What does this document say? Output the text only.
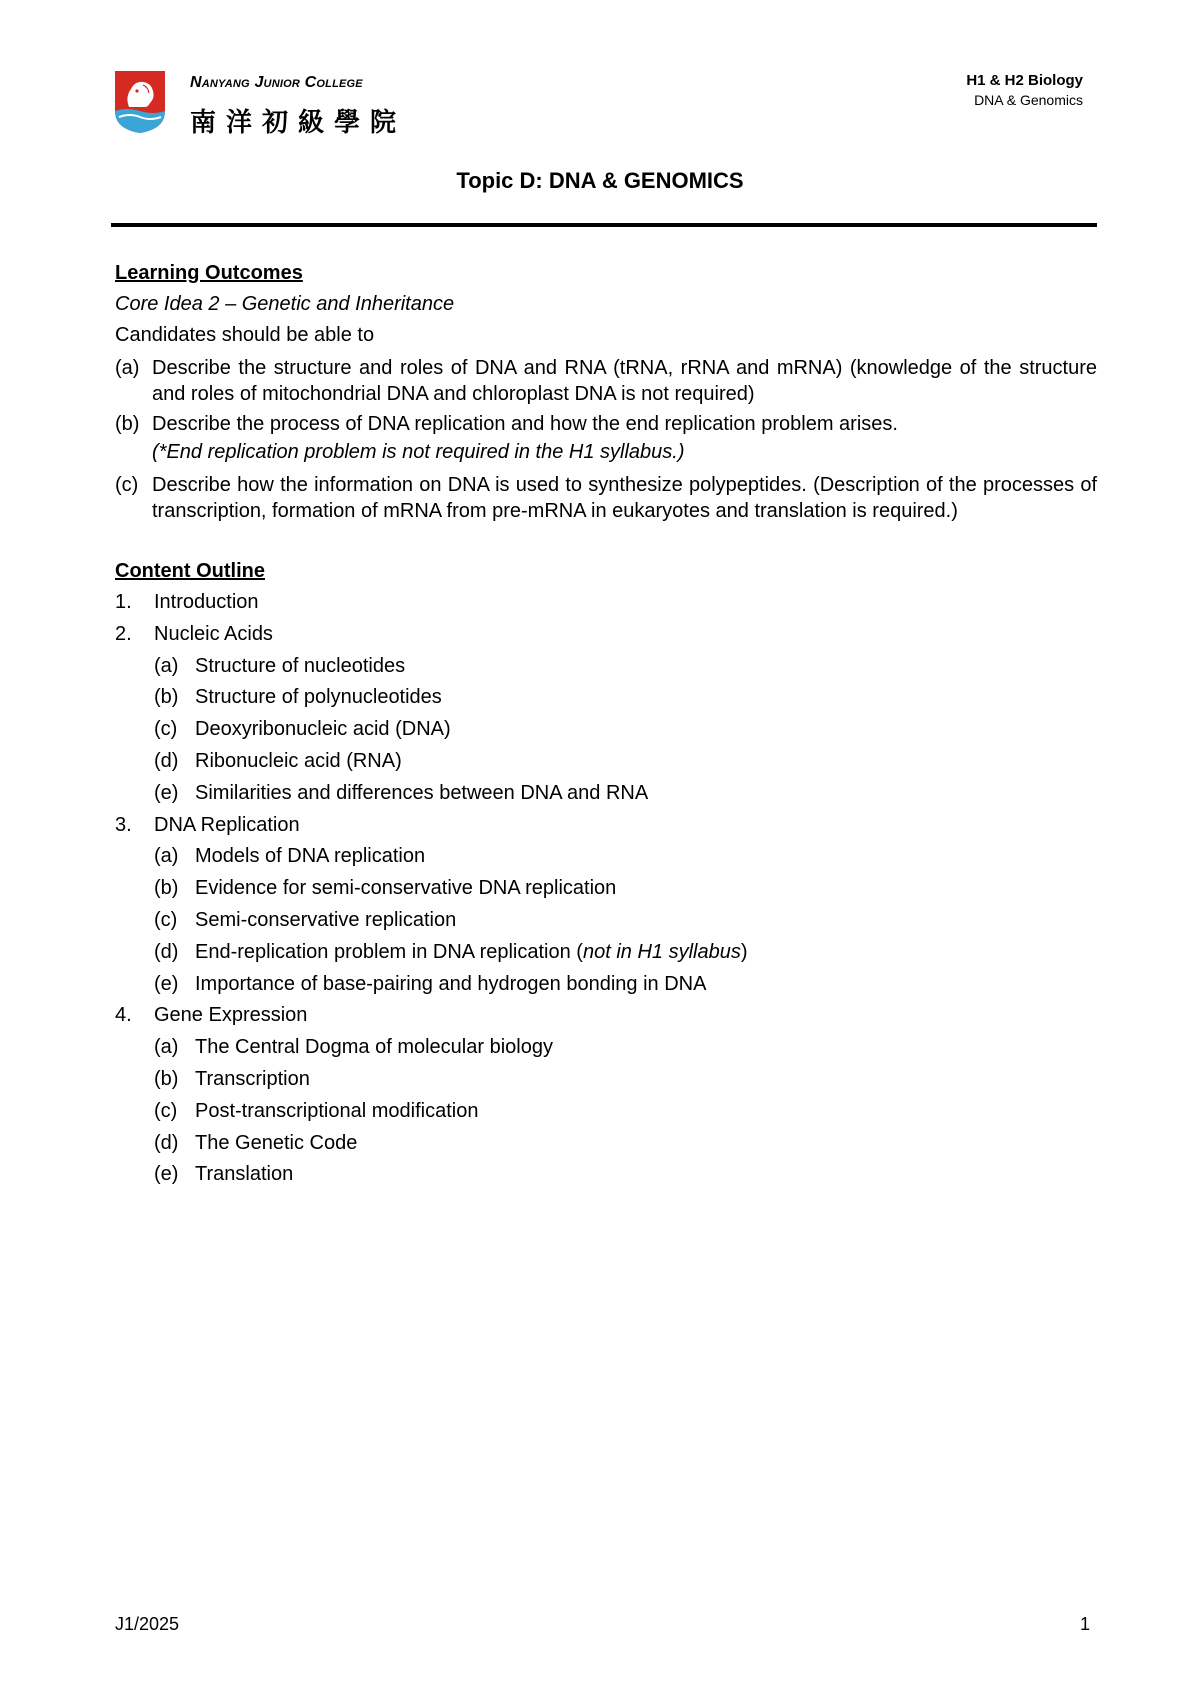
Nanyang Junior College
南洋初級學院
H1 & H2 Biology
DNA & Genomics
Topic D: DNA & GENOMICS
Learning Outcomes
Core Idea 2 – Genetic and Inheritance
Candidates should be able to
(a) Describe the structure and roles of DNA and RNA (tRNA, rRNA and mRNA) (knowledge of the structure and roles of mitochondrial DNA and chloroplast DNA is not required)
(b) Describe the process of DNA replication and how the end replication problem arises.
(*End replication problem is not required in the H1 syllabus.)
(c) Describe how the information on DNA is used to synthesize polypeptides. (Description of the processes of transcription, formation of mRNA from pre-mRNA in eukaryotes and translation is required.)
Content Outline
1. Introduction
2. Nucleic Acids
(a) Structure of nucleotides
(b) Structure of polynucleotides
(c) Deoxyribonucleic acid (DNA)
(d) Ribonucleic acid (RNA)
(e) Similarities and differences between DNA and RNA
3. DNA Replication
(a) Models of DNA replication
(b) Evidence for semi-conservative DNA replication
(c) Semi-conservative replication
(d) End-replication problem in DNA replication (not in H1 syllabus)
(e) Importance of base-pairing and hydrogen bonding in DNA
4. Gene Expression
(a) The Central Dogma of molecular biology
(b) Transcription
(c) Post-transcriptional modification
(d) The Genetic Code
(e) Translation
J1/2025	1
